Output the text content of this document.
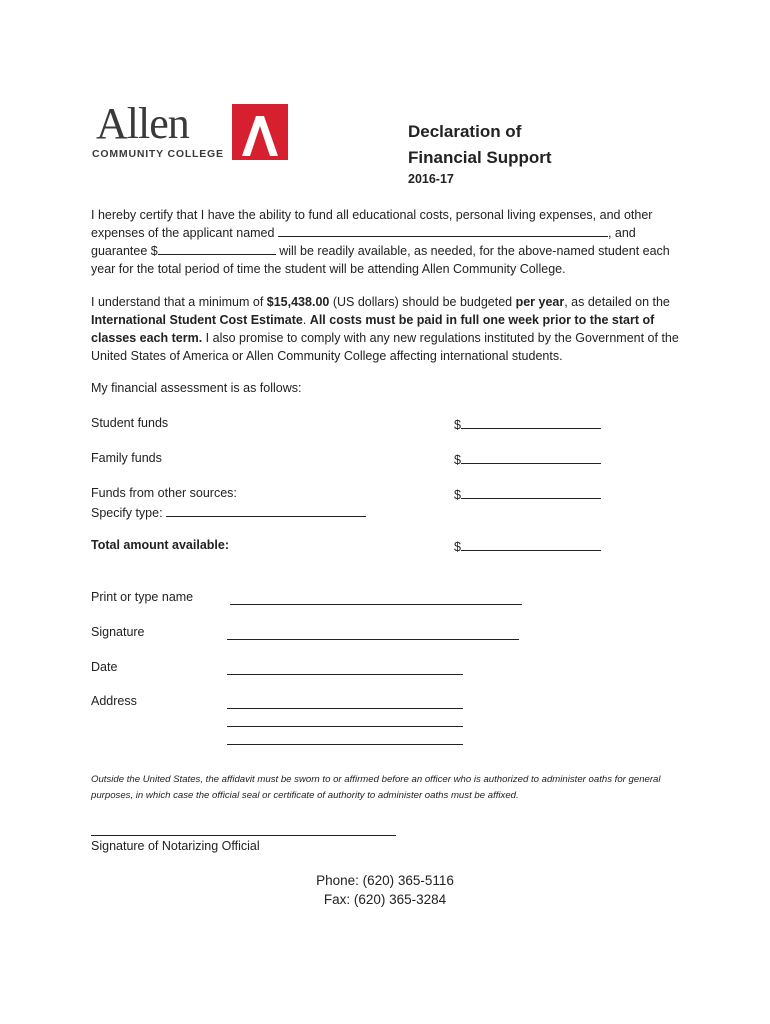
Allen
COMMUNITY COLLEGE
Declaration of
Financial Support
2016-17
I hereby certify that I have the ability to fund all educational costs, personal living expenses, and other expenses of the applicant named	, and guarantee $	will be readily available, as needed, for the above-named student each year for the total period of time the student will be attending Allen Community College.
I understand that a minimum of $15,438.00 (US dollars) should be budgeted per year, as detailed on the International Student Cost Estimate. All costs must be paid in full one week prior to the start of classes each term. I also promise to comply with any new regulations instituted by the Government of the United States of America or Allen Community College affecting international students.
My financial assessment is as follows:
Student funds	$
Family funds	$
Funds from other sources:	$
Specify type:
Total amount available:	$
Print or type name
Signature
Date
Address
Outside the United States, the affidavit must be sworn to or affirmed before an officer who is authorized to administer oaths for general purposes, in which case the official seal or certificate of authority to administer oaths must be affixed.
Signature of Notarizing Official
Phone: (620) 365-5116
Fax: (620) 365-3284
